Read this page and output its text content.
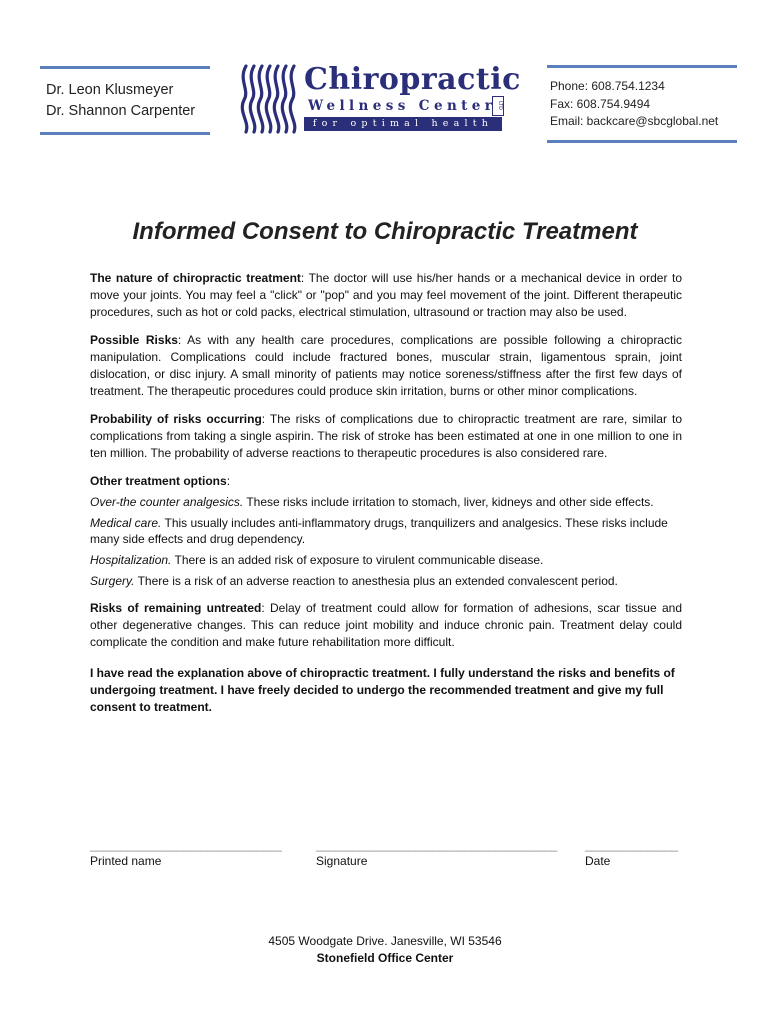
Dr. Leon Klusmeyer
Dr. Shannon Carpenter
Chiropractic
Wellness Center LTD
for optimal health
Phone: 608.754.1234
Fax: 608.754.9494
Email: backcare@sbcglobal.net
Informed Consent to Chiropractic Treatment

The nature of chiropractic treatment: The doctor will use his/her hands or a mechanical device in order to move your joints. You may feel a "click" or "pop" and you may feel movement of the joint. Different therapeutic procedures, such as hot or cold packs, electrical stimulation, ultrasound or traction may also be used.

Possible Risks: As with any health care procedures, complications are possible following a chiropractic manipulation. Complications could include fractured bones, muscular strain, ligamentous sprain, joint dislocation, or disc injury. A small minority of patients may notice soreness/stiffness after the first few days of treatment. The therapeutic procedures could produce skin irritation, burns or other minor complications.

Probability of risks occurring: The risks of complications due to chiropractic treatment are rare, similar to complications from taking a single aspirin. The risk of stroke has been estimated at one in one million to one in ten million. The probability of adverse reactions to therapeutic procedures is also considered rare.

Other treatment options:

Over-the counter analgesics. These risks include irritation to stomach, liver, kidneys and other side effects.

Medical care. This usually includes anti-inflammatory drugs, tranquilizers and analgesics. These risks include many side effects and drug dependency.

Hospitalization. There is an added risk of exposure to virulent communicable disease.

Surgery. There is a risk of an adverse reaction to anesthesia plus an extended convalescent period.

Risks of remaining untreated: Delay of treatment could allow for formation of adhesions, scar tissue and other degenerative changes. This can reduce joint mobility and induce chronic pain. Treatment delay could complicate the condition and make future rehabilitation more difficult.

I have read the explanation above of chiropractic treatment. I fully understand the risks and benefits of undergoing treatment. I have freely decided to undergo the recommended treatment and give my full consent to treatment.

_______________________________
Printed name
_______________________________________
Signature
_______________
Date
4505 Woodgate Drive. Janesville, WI 53546
Stonefield Office Center
